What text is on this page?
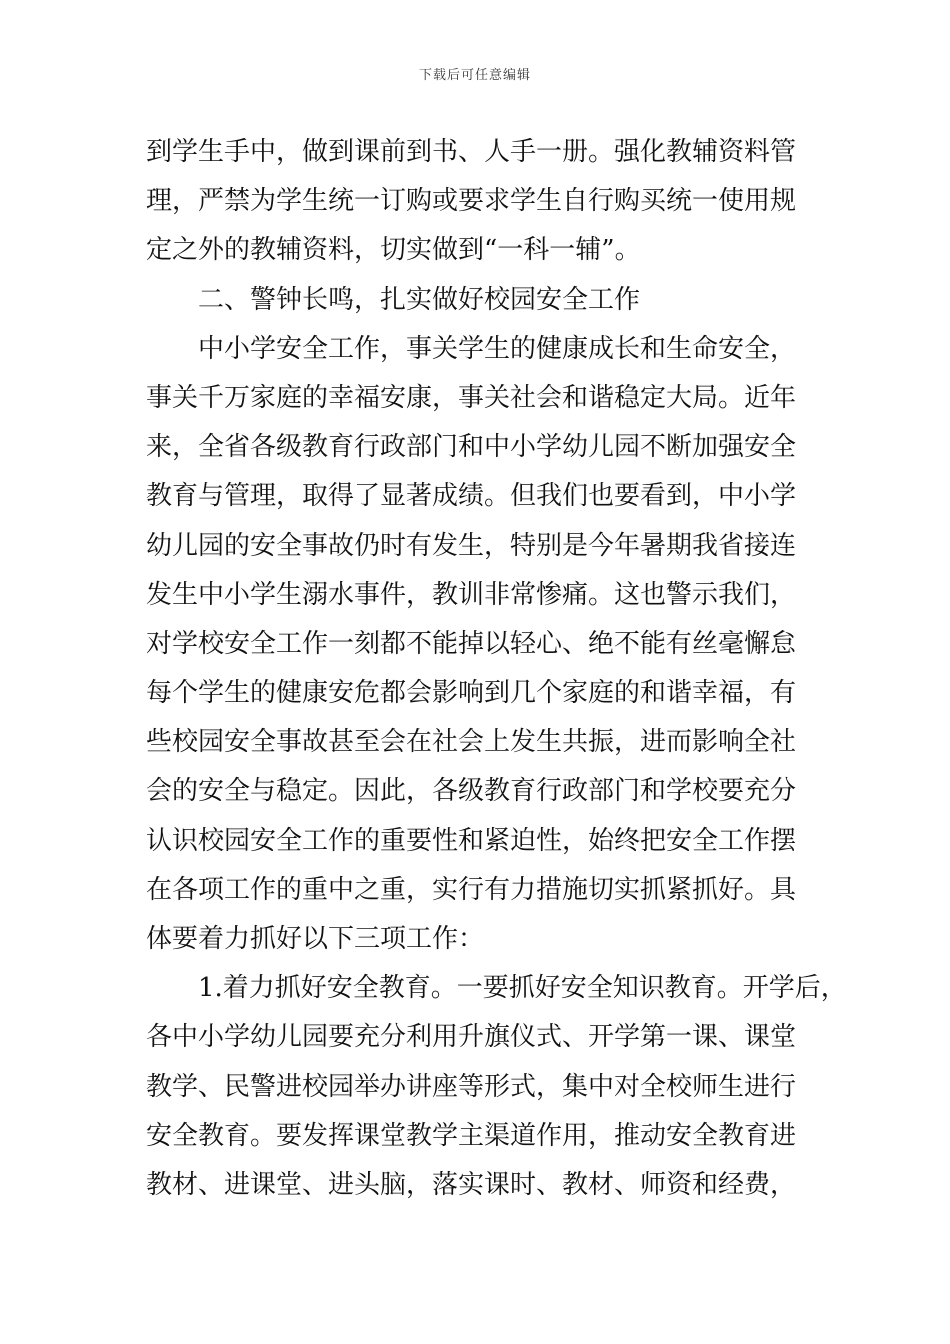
下载后可任意编辑
到学生手中，做到课前到书、人手一册。强化教辅资料管
理，严禁为学生统一订购或要求学生自行购买统一使用规
定之外的教辅资料，切实做到“一科一辅”。
　　二、警钟长鸣，扎实做好校园安全工作
　　中小学安全工作，事关学生的健康成长和生命安全，
事关千万家庭的幸福安康，事关社会和谐稳定大局。近年
来，全省各级教育行政部门和中小学幼儿园不断加强安全
教育与管理，取得了显著成绩。但我们也要看到，中小学
幼儿园的安全事故仍时有发生，特别是今年暑期我省接连
发生中小学生溺水事件，教训非常惨痛。这也警示我们，
对学校安全工作一刻都不能掉以轻心、绝不能有丝毫懈怠
每个学生的健康安危都会影响到几个家庭的和谐幸福，有
些校园安全事故甚至会在社会上发生共振，进而影响全社
会的安全与稳定。因此，各级教育行政部门和学校要充分
认识校园安全工作的重要性和紧迫性，始终把安全工作摆
在各项工作的重中之重，实行有力措施切实抓紧抓好。具
体要着力抓好以下三项工作：
　　1.着力抓好安全教育。一要抓好安全知识教育。开学后，
各中小学幼儿园要充分利用升旗仪式、开学第一课、课堂
教学、民警进校园举办讲座等形式，集中对全校师生进行
安全教育。要发挥课堂教学主渠道作用，推动安全教育进
教材、进课堂、进头脑，落实课时、教材、师资和经费，
